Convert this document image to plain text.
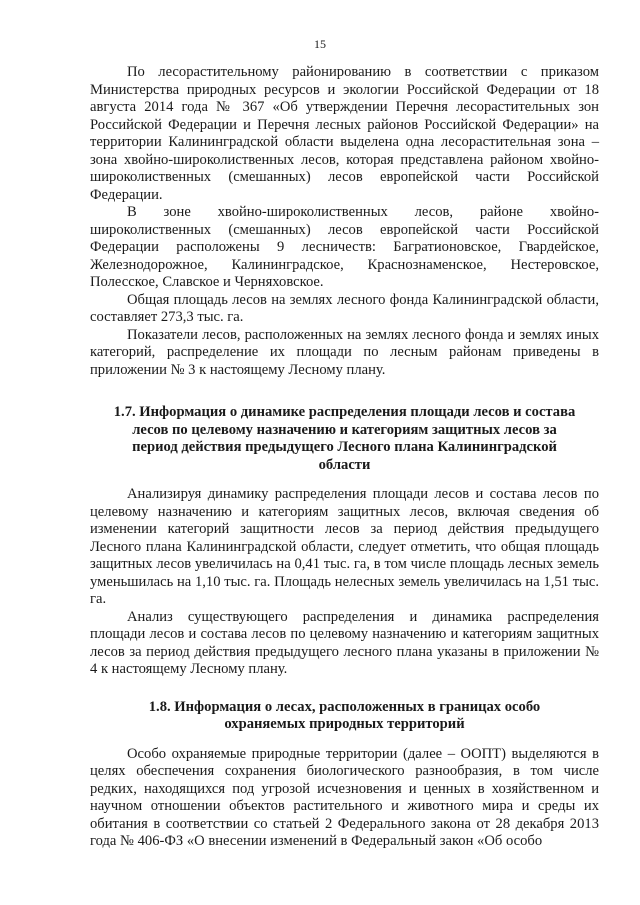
15

По лесорастительному районированию в соответствии с приказом Министерства природных ресурсов и экологии Российской Федерации от 18 августа 2014 года № 367 «Об утверждении Перечня лесорастительных зон Российской Федерации и Перечня лесных районов Российской Федерации» на территории Калининградской области выделена одна лесорастительная зона – зона хвойно-широколиственных лесов, которая представлена районом хвойно-широколиственных (смешанных) лесов европейской части Российской Федерации.

В зоне хвойно-широколиственных лесов, районе хвойно-широколиственных (смешанных) лесов европейской части Российской Федерации расположены 9 лесничеств: Багратионовское, Гвардейское, Железнодорожное, Калининградское, Краснознаменское, Нестеровское, Полесское, Славское и Черняховское.

Общая площадь лесов на землях лесного фонда Калининградской области, составляет 273,3 тыс. га.

Показатели лесов, расположенных на землях лесного фонда и землях иных категорий, распределение их площади по лесным районам приведены в приложении № 3 к настоящему Лесному плану.

1.7. Информация о динамике распределения площади лесов и состава лесов по целевому назначению и категориям защитных лесов за период действия предыдущего Лесного плана Калининградской области

Анализируя динамику распределения площади лесов и состава лесов по целевому назначению и категориям защитных лесов, включая сведения об изменении категорий защитности лесов за период действия предыдущего Лесного плана Калининградской области, следует отметить, что общая площадь защитных лесов увеличилась на 0,41 тыс. га, в том числе площадь лесных земель уменьшилась на 1,10 тыс. га. Площадь нелесных земель увеличилась на 1,51 тыс. га.

Анализ существующего распределения и динамика распределения площади лесов и состава лесов по целевому назначению и категориям защитных лесов за период действия предыдущего лесного плана указаны в приложении № 4 к настоящему Лесному плану.

1.8. Информация о лесах, расположенных в границах особо охраняемых природных территорий

Особо охраняемые природные территории (далее – ООПТ) выделяются в целях обеспечения сохранения биологического разнообразия, в том числе редких, находящихся под угрозой исчезновения и ценных в хозяйственном и научном отношении объектов растительного и животного мира и среды их обитания в соответствии со статьей 2 Федерального закона от 28 декабря 2013 года № 406-ФЗ «О внесении изменений в Федеральный закон «Об особо
